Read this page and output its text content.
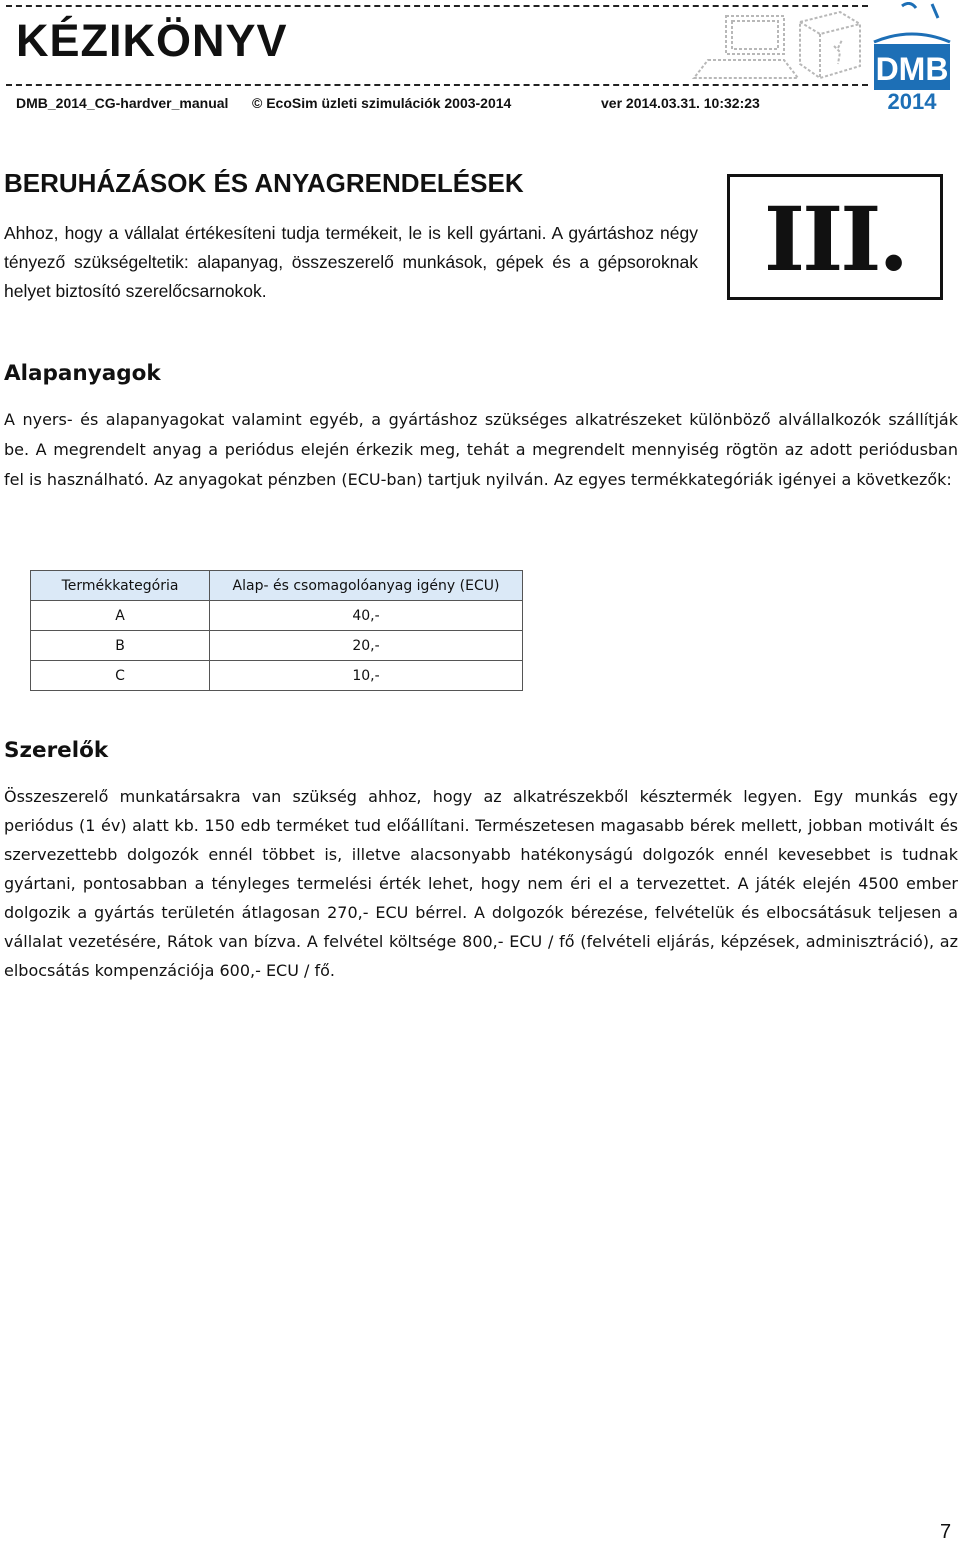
KÉZIKÖNYV
DMB_2014_CG-hardver_manual © EcoSim üzleti szimulációk 2003-2014	ver 2014.03.31. 10:32:23
DMB
2014
BERUHÁZÁSOK ÉS ANYAGRENDELÉSEK

Ahhoz, hogy a vállalat értékesíteni tudja termékeit, le is kell gyártani. A gyártáshoz négy tényező szükségeltetik: alapanyag, összeszerelő munkások, gépek és a gépsoroknak helyet biztosító szerelőcsarnokok.	III.
Alapanyagok

A nyers- és alapanyagokat valamint egyéb, a gyártáshoz szükséges alkatrészeket különböző alvállalkozók szállítják be. A megrendelt anyag a periódus elején érkezik meg, tehát a megrendelt mennyiség rögtön az adott periódusban fel is használható. Az anyagokat pénzben (ECU-ban) tartjuk nyilván. Az egyes termékkategóriák igényei a következők:

Termékkategória	Alap- és csomagolóanyag igény (ECU)
A	40,-
B	20,-
C	10,-
Szerelők

Összeszerelő munkatársakra van szükség ahhoz, hogy az alkatrészekből késztermék legyen. Egy munkás egy periódus (1 év) alatt kb. 150 edb terméket tud előállítani. Természetesen magasabb bérek mellett, jobban motivált és szervezettebb dolgozók ennél többet is, illetve alacsonyabb hatékonyságú dolgozók ennél kevesebbet is tudnak gyártani, pontosabban a tényleges termelési érték lehet, hogy nem éri el a tervezettet. A játék elején 4500 ember dolgozik a gyártás területén átlagosan 270,- ECU bérrel. A dolgozók bérezése, felvételük és elbocsátásuk teljesen a vállalat vezetésére, Rátok van bízva. A felvétel költsége 800,- ECU / fő (felvételi eljárás, képzések, adminisztráció), az elbocsátás kompenzációja 600,- ECU / fő.

7
